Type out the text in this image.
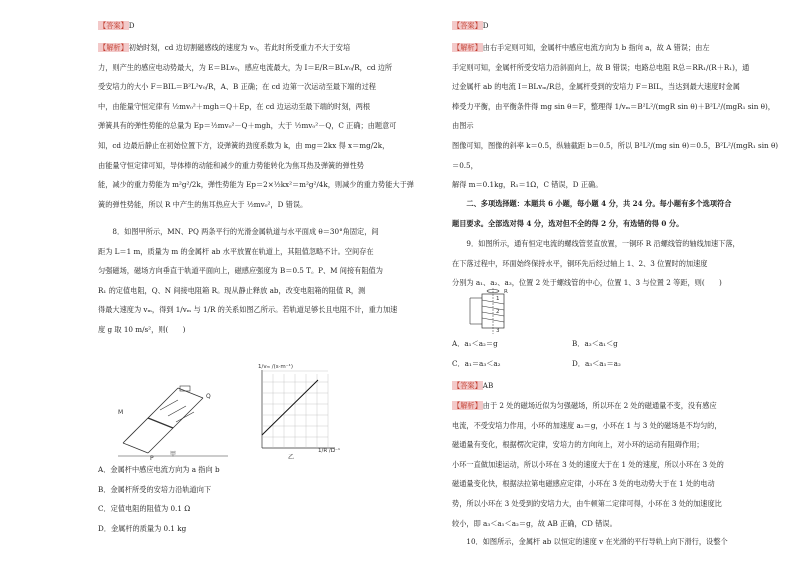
【答案】D

【解析】初始时刻，cd 边切割磁感线的速度为 v₀，若此时所受重力不大于安培

力，则产生的感应电动势最大，为 E＝BLv₀，感应电流最大，为 I＝E/R＝BLv₀/R，cd 边所

受安培力的大小 F＝BIL＝B²L²v₀/R，A、B 正确；在 cd 边第一次运动至最下端的过程

中，由能量守恒定律有 ½mv₀²＋mgh＝Q＋Ep，在 cd 边运动至最下端的时刻，两根

弹簧具有的弹性势能的总量为 Ep＝½mv₀²－Q＋mgh，大于 ½mv₀²－Q，C 正确；由题意可

知，cd 边最后静止在初始位置下方，设弹簧的劲度系数为 k，由 mg＝2kx 得 x＝mg/2k，

由能量守恒定律可知，导体棒的动能和减少的重力势能转化为焦耳热及弹簧的弹性势

能，减少的重力势能为 m²g²/2k，弹性势能为 Ep＝2×½kx²＝m²g²/4k，则减少的重力势能大于弹

簧的弹性势能，所以 R 中产生的焦耳热应大于 ½mv₀²，D 错误。

8．如图甲所示，MN、PQ 两条平行的光滑金属轨道与水平面成 θ＝30°角固定，间

距为 L＝1 m，质量为 m 的金属杆 ab 水平放置在轨道上，其阻值忽略不计。空间存在

匀强磁场，磁场方向垂直于轨道平面向上，磁感应强度为 B＝0.5 T。P、M 间接有阻值为

R₁ 的定值电阻，Q、N 间接电阻箱 R。现从静止释放 ab，改变电阻箱的阻值 R，测

得最大速度为 vₘ，得到 1/vₘ 与 1/R 的关系如图乙所示。若轨道足够长且电阻不计，重力加速

度 g 取 10 m/s²，则(　　)

M
Q
P
甲
1/vₘ /(s·m⁻¹)
1/R /Ω⁻¹
乙

A．金属杆中感应电流方向为 a 指向 b

B．金属杆所受的安培力沿轨道向下

C．定值电阻的阻值为 0.1 Ω

D．金属杆的质量为 0.1 kg

【答案】D

【解析】由右手定则可知，金属杆中感应电流方向为 b 指向 a，故 A 错误；由左

手定则可知，金属杆所受安培力沿斜面向上，故 B 错误；电路总电阻 R总＝RR₁/(R＋R₁)，通

过金属杆 ab 的电流 I＝BLvₘ/R总，金属杆受到的安培力 F＝BIL，当达到最大速度时金属

棒受力平衡，由平衡条件得 mg sin θ＝F，整理得 1/vₘ＝B²L²/(mgR sin θ)＋B²L²/(mgR₁ sin θ)，由图示

图像可知，图像的斜率 k＝0.5，纵轴截距 b＝0.5，所以 B²L²/(mg sin θ)＝0.5，B²L²/(mgR₁ sin θ)＝0.5，

解得 m＝0.1kg，R₁＝1Ω，C 错误，D 正确。

二、多项选择题：本题共 6 小题，每小题 4 分，共 24 分。每小题有多个选项符合

题目要求。全部选对得 4 分，选对但不全的得 2 分，有选错的得 0 分。

9．如图所示，通有恒定电流的螺线管竖直放置，一铜环 R 沿螺线管的轴线加速下落，

在下落过程中，环面始终保持水平，铜环先后经过轴上 1、2、3 位置时的加速度

分别为 a₁、a₂、a₃，位置 2 处于螺线管的中心，位置 1、3 与位置 2 等距，则(　　)

R
1
2
3
A．a₁＜a₂＝g	B．a₃＜a₁＜g
C．a₁＝a₃＜a₂	D．a₃＜a₁＝a₂
【答案】AB

【解析】由于 2 处的磁场近似为匀强磁场，所以环在 2 处的磁通量不变，没有感应

电流，不受安培力作用，小环的加速度 a₂＝g，小环在 1 与 3 处的磁场是不均匀的，

磁通量有变化，根据楞次定律，安培力的方向向上，对小环的运动有阻碍作用；

小环一直做加速运动，所以小环在 3 处的速度大于在 1 处的速度，所以小环在 3 处的

磁通量变化快，根据法拉第电磁感应定律，小环在 3 处的电动势大于在 1 处的电动

势，所以小环在 3 处受到的安培力大，由牛顿第二定律可得，小环在 3 处的加速度比

较小，即 a₃＜a₁＜a₂＝g，故 AB 正确，CD 错误。

10．如图所示，金属杆 ab 以恒定的速度 v 在光滑的平行导轨上向下滑行，设整个
